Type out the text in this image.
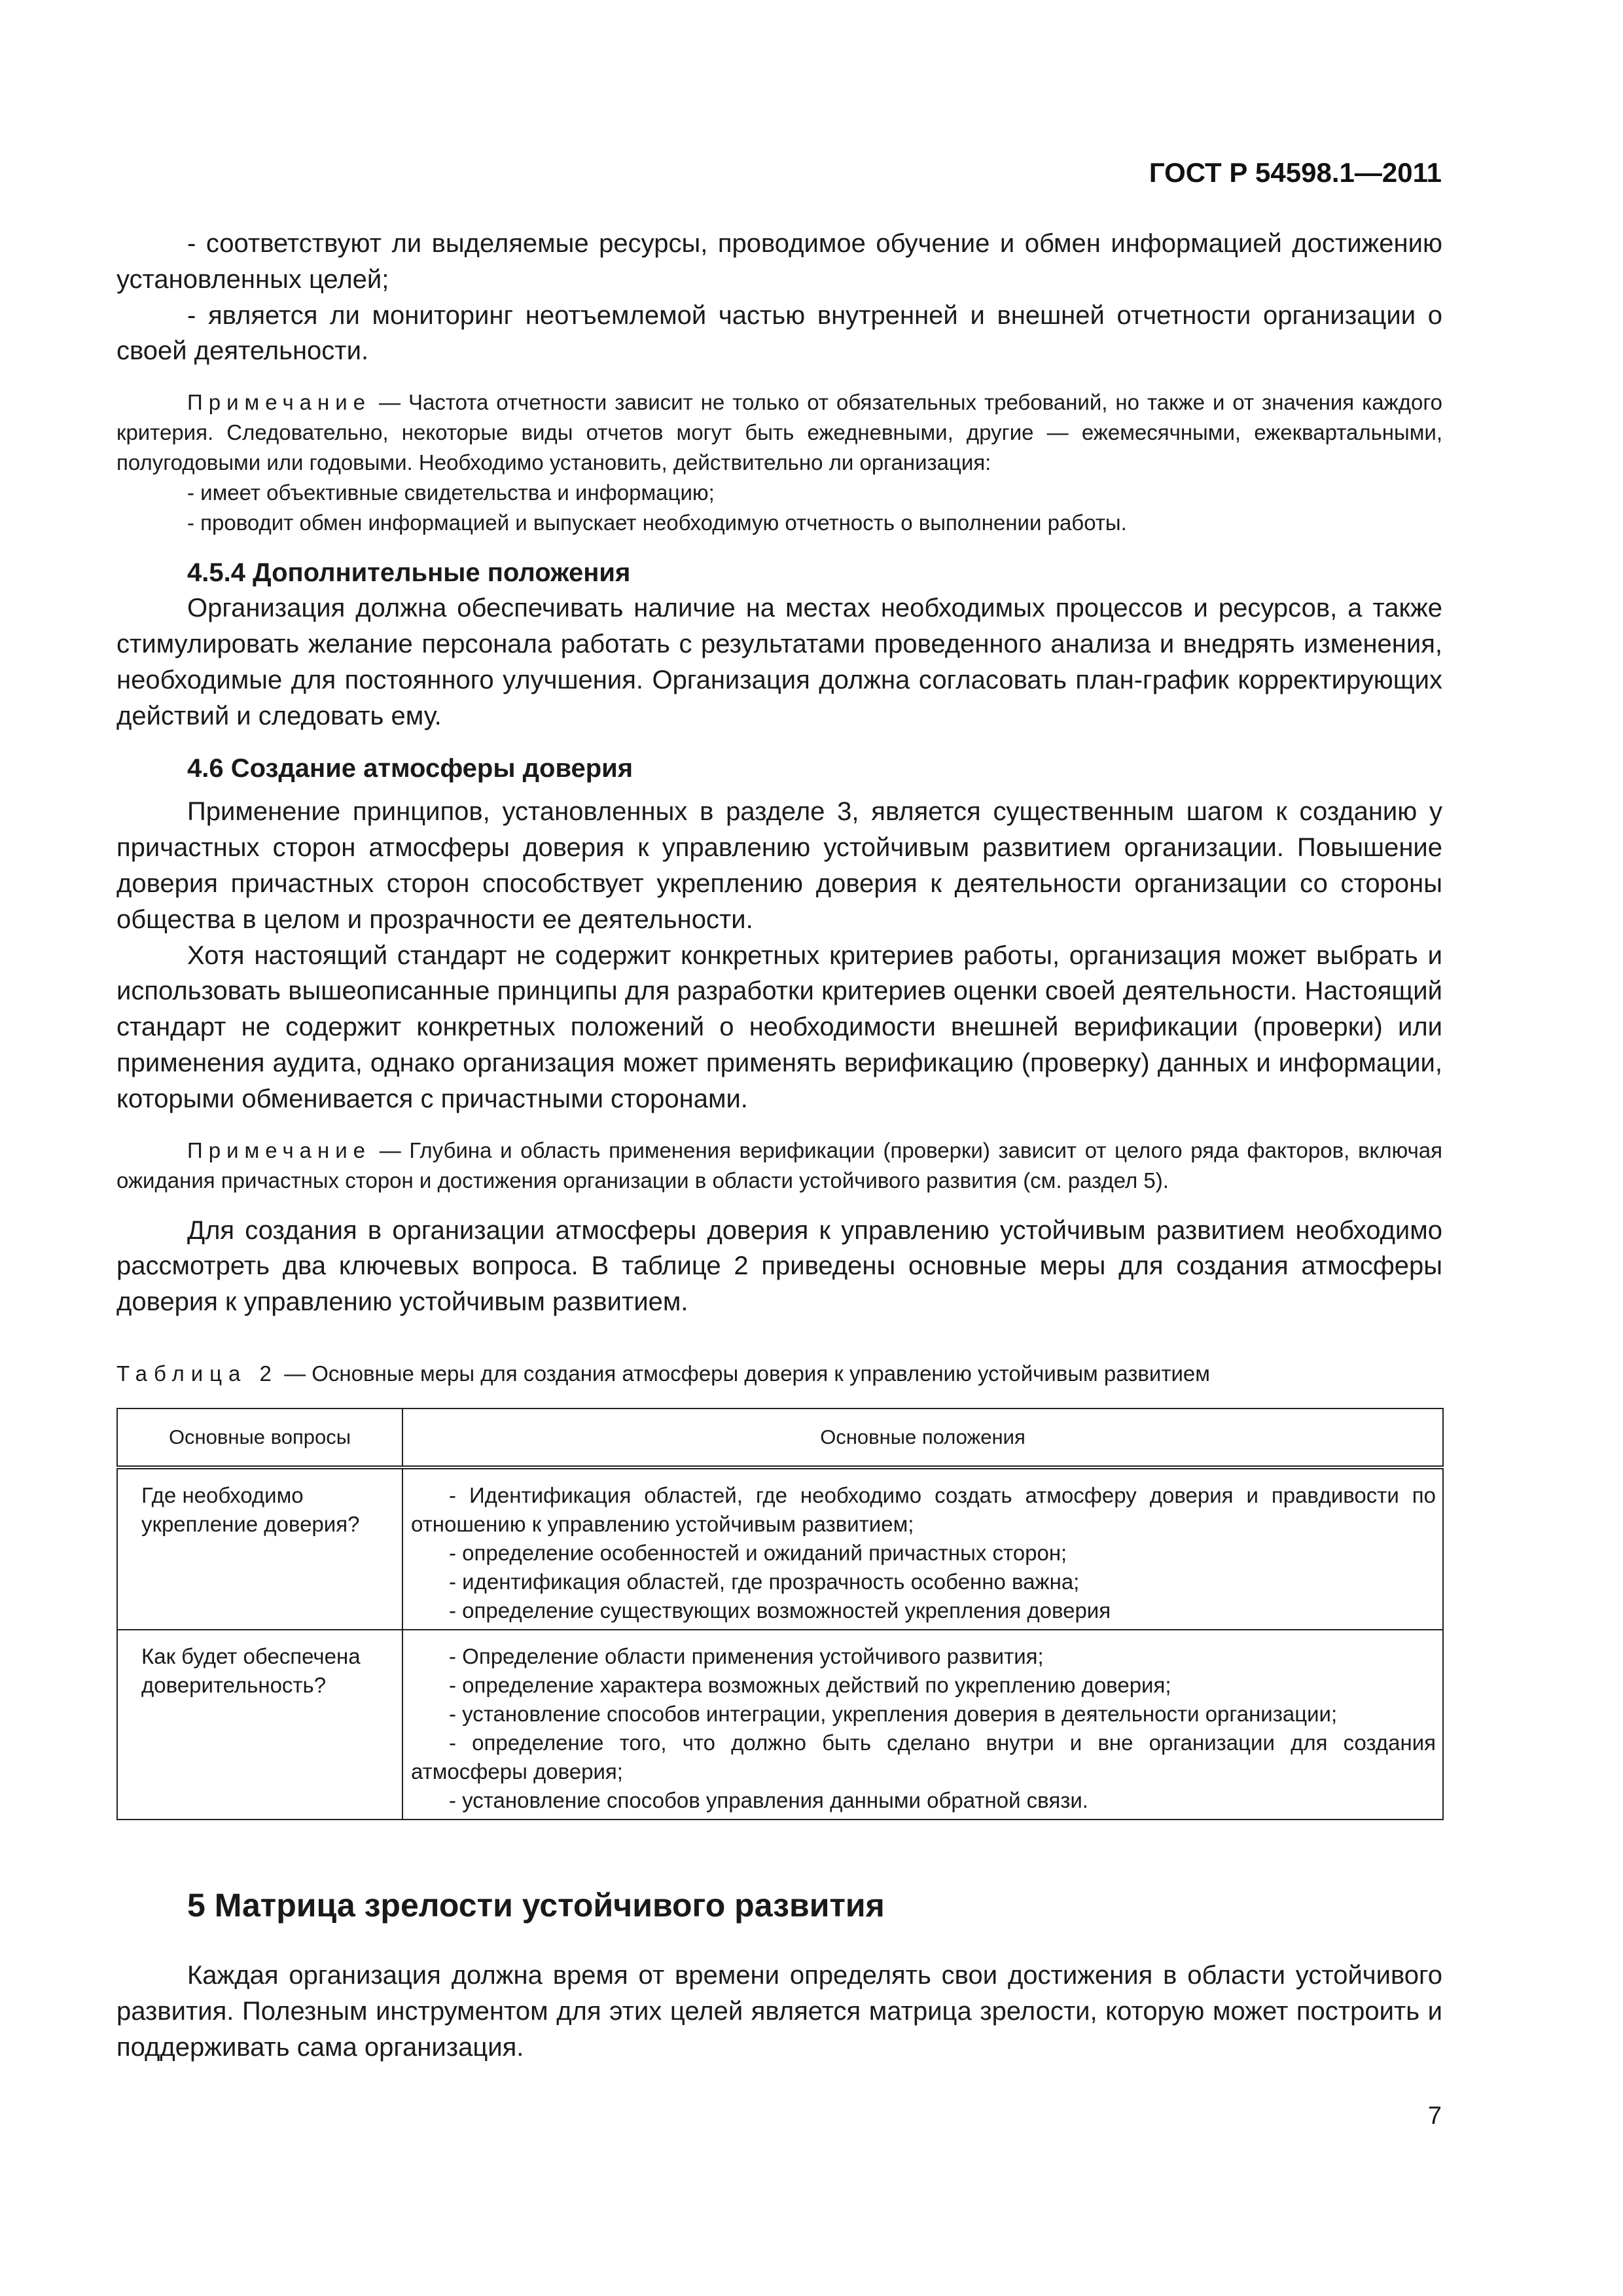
ГОСТ Р 54598.1—2011

- соответствуют ли выделяемые ресурсы, проводимое обучение и обмен информацией достижению установленных целей;

- является ли мониторинг неотъемлемой частью внутренней и внешней отчетности организации о своей деятельности.

Примечание — Частота отчетности зависит не только от обязательных требований, но также и от значения каждого критерия. Следовательно, некоторые виды отчетов могут быть ежедневными, другие — ежемесячными, ежеквартальными, полугодовыми или годовыми. Необходимо установить, действительно ли организация:
- имеет объективные свидетельства и информацию;
- проводит обмен информацией и выпускает необходимую отчетность о выполнении работы.
4.5.4 Дополнительные положения

Организация должна обеспечивать наличие на местах необходимых процессов и ресурсов, а также стимулировать желание персонала работать с результатами проведенного анализа и внедрять изменения, необходимые для постоянного улучшения. Организация должна согласовать план-график корректирующих действий и следовать ему.

4.6 Создание атмосферы доверия

Применение принципов, установленных в разделе 3, является существенным шагом к созданию у причастных сторон атмосферы доверия к управлению устойчивым развитием организации. Повышение доверия причастных сторон способствует укреплению доверия к деятельности организации со стороны общества в целом и прозрачности ее деятельности.

Хотя настоящий стандарт не содержит конкретных критериев работы, организация может выбрать и использовать вышеописанные принципы для разработки критериев оценки своей деятельности. Настоящий стандарт не содержит конкретных положений о необходимости внешней верификации (проверки) или применения аудита, однако организация может применять верификацию (проверку) данных и информации, которыми обменивается с причастными сторонами.

Примечание — Глубина и область применения верификации (проверки) зависит от целого ряда факторов, включая ожидания причастных сторон и достижения организации в области устойчивого развития (см. раздел 5).

Для создания в организации атмосферы доверия к управлению устойчивым развитием необходимо рассмотреть два ключевых вопроса. В таблице 2 приведены основные меры для создания атмосферы доверия к управлению устойчивым развитием.

Таблица 2 — Основные меры для создания атмосферы доверия к управлению устойчивым развитием
Основные вопросы	Основные положения
Где необходимо укрепление доверия?	- Идентификация областей, где необходимо создать атмосферу доверия и правдивости по отношению к управлению устойчивым развитием;
- определение особенностей и ожиданий причастных сторон;
- идентификация областей, где прозрачность особенно важна;
- определение существующих возможностей укрепления доверия

Как будет обеспечена доверительность?	- Определение области применения устойчивого развития;
- определение характера возможных действий по укреплению доверия;
- установление способов интеграции, укрепления доверия в деятельности организации;
- определение того, что должно быть сделано внутри и вне организации для создания атмосферы доверия;
- установление способов управления данными обратной связи.
5 Матрица зрелости устойчивого развития

Каждая организация должна время от времени определять свои достижения в области устойчивого развития. Полезным инструментом для этих целей является матрица зрелости, которую может построить и поддерживать сама организация.

7
